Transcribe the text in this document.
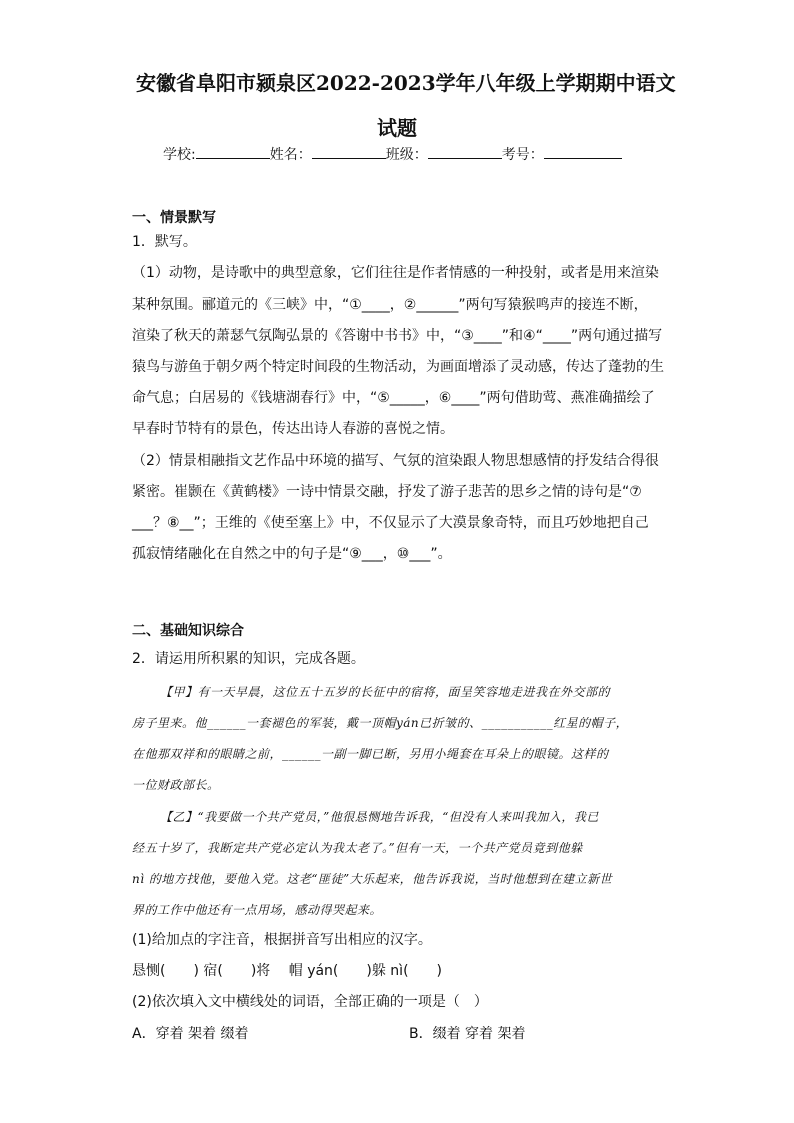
安徽省阜阳市颍泉区2022-2023学年八年级上学期期中语文
试题
学校:	姓名：	班级：	考号：
一、情景默写
1．默写。
（1）动物，是诗歌中的典型意象，它们往往是作者情感的一种投射，或者是用来渲染
某种氛围。郦道元的《三峡》中，“①____，②______”两句写猿猴鸣声的接连不断，
渲染了秋天的萧瑟气氛陶弘景的《答谢中书书》中，“③____”和④“____”两句通过描写
猿鸟与游鱼于朝夕两个特定时间段的生物活动，为画面增添了灵动感，传达了蓬勃的生
命气息；白居易的《钱塘湖春行》中，“⑤_____，⑥____”两句借助莺、燕准确描绘了
早春时节特有的景色，传达出诗人春游的喜悦之情。
（2）情景相融指文艺作品中环境的描写、气氛的渲染跟人物思想感情的抒发结合得很
紧密。崔颢在《黄鹤楼》一诗中情景交融，抒发了游子悲苦的思乡之情的诗句是“⑦
___？⑧__”；王维的《使至塞上》中，不仅显示了大漠景象奇特，而且巧妙地把自己
孤寂情绪融化在自然之中的句子是“⑨___，⑩___”。
二、基础知识综合
2．请运用所积累的知识，完成各题。
【甲】有一天早晨，这位五十五岁的长征中的宿将，面呈笑容地走进我在外交部的
房子里来。他______一套褪色的军装，戴一顶帽yán已折皱的、___________红星的帽子，
在他那双祥和的眼睛之前，______一副一脚已断，另用小绳套在耳朵上的眼镜。这样的
一位财政部长。
【乙】“我要做一个共产党员，”他很恳恻地告诉我，“但没有人来叫我加入，我已
经五十岁了，我断定共产党必定认为我太老了。”但有一天，一个共产党员竟到他躲
nì 的地方找他，要他入党。这老“匪徒”大乐起来，他告诉我说，当时他想到在建立新世
界的工作中他还有一点用场，感动得哭起来。
(1)给加点的字注音，根据拼音写出相应的汉字。
恳恻(　　) 宿(　　)将　 帽 yán(　　)躲 nì(　　)
(2)依次填入文中横线处的词语，全部正确的一项是（　）
A．穿着 架着 缀着	B．缀着 穿着 架着
